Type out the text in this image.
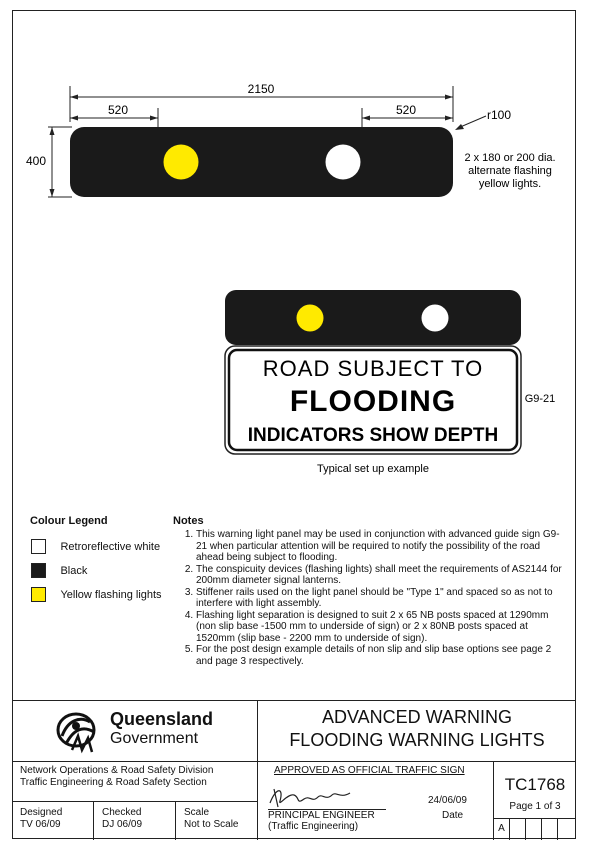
2150
520	520
400
r100
2 x 180 or 200 dia.
alternate flashing
yellow lights.
ROAD SUBJECT TO
FLOODING
INDICATORS SHOW DEPTH
G9-21
Typical set up example
Colour Legend
Retroreflective white
Black
Yellow flashing lights
Notes
1. This warning light panel may be used in conjunction with advanced guide sign G9-21 when particular attention will be required to notify the possibility of the road ahead being subject to flooding.
2. The conspicuity devices (flashing lights) shall meet the requirements of AS2144 for 200mm diameter signal lanterns.
3. Stiffener rails used on the light panel should be "Type 1" and spaced so as not to interfere with light assembly.
4. Flashing light separation is designed to suit 2 x 65 NB posts spaced at 1290mm (non slip base -1500 mm to underside of sign) or 2 x 80NB posts spaced at 1520mm (slip base - 2200 mm to underside of sign).
5. For the post design example details of non slip and slip base options see page 2 and page 3 respectively.
Queensland
Government
ADVANCED WARNING
FLOODING WARNING LIGHTS
Network Operations & Road Safety Division
Traffic Engineering & Road Safety Section
Designed
TV 06/09
Checked
DJ 06/09
Scale
Not to Scale
APPROVED AS OFFICIAL TRAFFIC SIGN
PRINCIPAL ENGINEER
(Traffic Engineering)
24/06/09
Date
TC1768
Page 1 of 3
A
